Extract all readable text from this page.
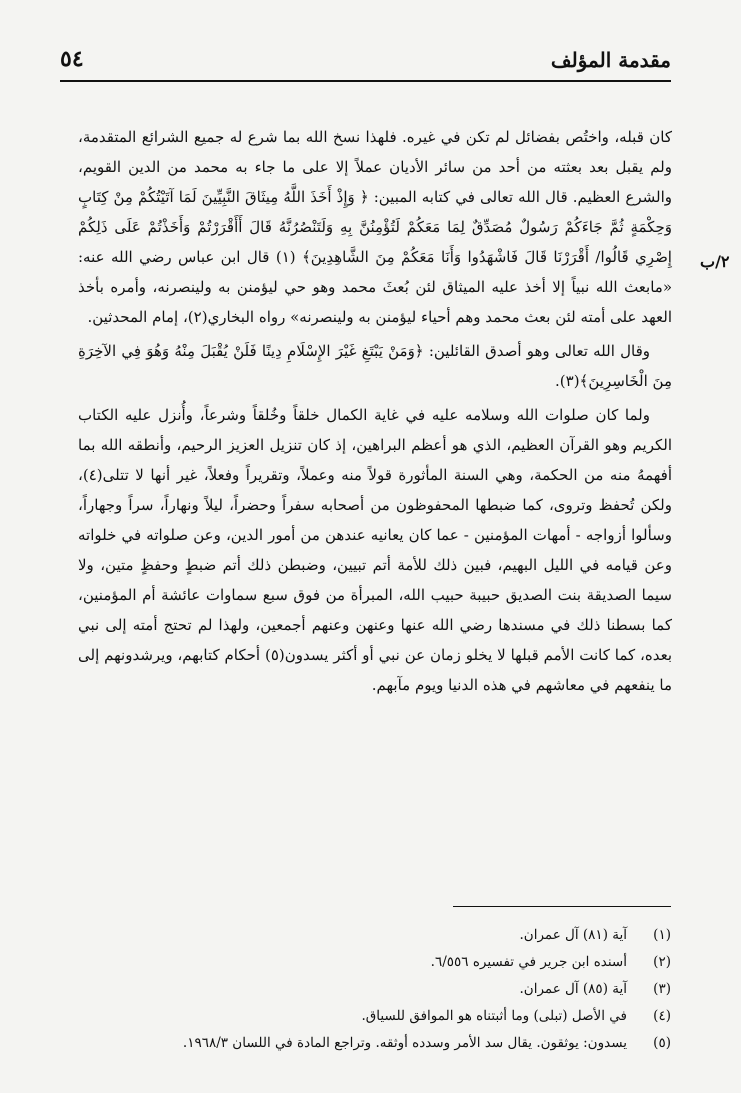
مقدمة المؤلف
٥٤
٢/ب

كان قبله، واختُص بفضائل لم تكن في غيره. فلهذا نسخ الله بما شرع له جميع الشرائع المتقدمة، ولم يقبل بعد بعثته من أحد من سائر الأديان عملاً إلا على ما جاء به محمد من الدين القويم، والشرع العظيم. قال الله تعالى في كتابه المبين: ﴿ وَإِذْ أَخَذَ اللَّهُ مِيثَاقَ النَّبِيِّينَ لَمَا آتَيْتُكُمْ مِنْ كِتَابٍ وَحِكْمَةٍ ثُمَّ جَاءَكُمْ رَسُولٌ مُصَدِّقٌ لِمَا مَعَكُمْ لَتُؤْمِنُنَّ بِهِ وَلَتَنْصُرُنَّهُ قَالَ أَأَقْرَرْتُمْ وَأَخَذْتُمْ عَلَى ذَلِكُمْ إِصْرِي قَالُوا/ أَقْرَرْنَا قَالَ فَاشْهَدُوا وَأَنَا مَعَكُمْ مِنَ الشَّاهِدِينَ﴾ (١) قال ابن عباس رضي الله عنه: «مابعث الله نبياً إلا أخذ عليه الميثاق لئن بُعثَ محمد وهو حي ليؤمنن به ولينصرنه، وأمره بأخذ العهد على أمته لئن بعث محمد وهم أحياء ليؤمنن به ولينصرنه» رواه البخاري(٢)، إمام المحدثين.

وقال الله تعالى وهو أصدق القائلين: ﴿وَمَنْ يَبْتَغِ غَيْرَ الإِسْلَامِ دِينًا فَلَنْ يُقْبَلَ مِنْهُ وَهُوَ فِي الآخِرَةِ مِنَ الْخَاسِرِينَ﴾(٣).

ولما كان صلوات الله وسلامه عليه في غاية الكمال خلقاً وخُلقاً وشرعاً، وأُنزل عليه الكتاب الكريم وهو القرآن العظيم، الذي هو أعظم البراهين، إذ كان تنزيل العزيز الرحيم، وأنطقه الله بما أفهمهُ منه من الحكمة، وهي السنة المأثورة قولاً منه وعملاً، وتقريراً وفعلاً، غير أنها لا تتلى(٤)، ولكن تُحفظ وتروى، كما ضبطها المحفوظون من أصحابه سفراً وحضراً، ليلاً ونهاراً، سراً وجهاراً، وسألوا أزواجه - أمهات المؤمنين - عما كان يعانيه عندهن من أمور الدين، وعن صلواته في خلواته وعن قيامه في الليل البهيم، فبين ذلك للأمة أتم تبيين، وضبطن ذلك أتم ضبطٍ وحفظٍ متين، ولا سيما الصديقة بنت الصديق حبيبة حبيب الله، المبرأة من فوق سبع سماوات عائشة أم المؤمنين، كما بسطنا ذلك في مسندها رضي الله عنها وعنهن وعنهم أجمعين، ولهذا لم تحتج أمته إلى نبي بعده، كما كانت الأمم قبلها لا يخلو زمان عن نبي أو أكثر يسدون(٥) أحكام كتابهم، ويرشدونهم إلى ما ينفعهم في معاشهم في هذه الدنيا ويوم مآبهم.

(١)
آية (٨١) آل عمران.
(٢)
أسنده ابن جرير في تفسيره ٦/٥٥٦.
(٣)
آية (٨٥) آل عمران.
(٤)
في الأصل (تبلى) وما أثبتناه هو الموافق للسياق.
(٥)
يسدون: يوثقون. يقال سد الأمر وسدده أوثقه. وتراجع المادة في اللسان ١٩٦٨/٣.
